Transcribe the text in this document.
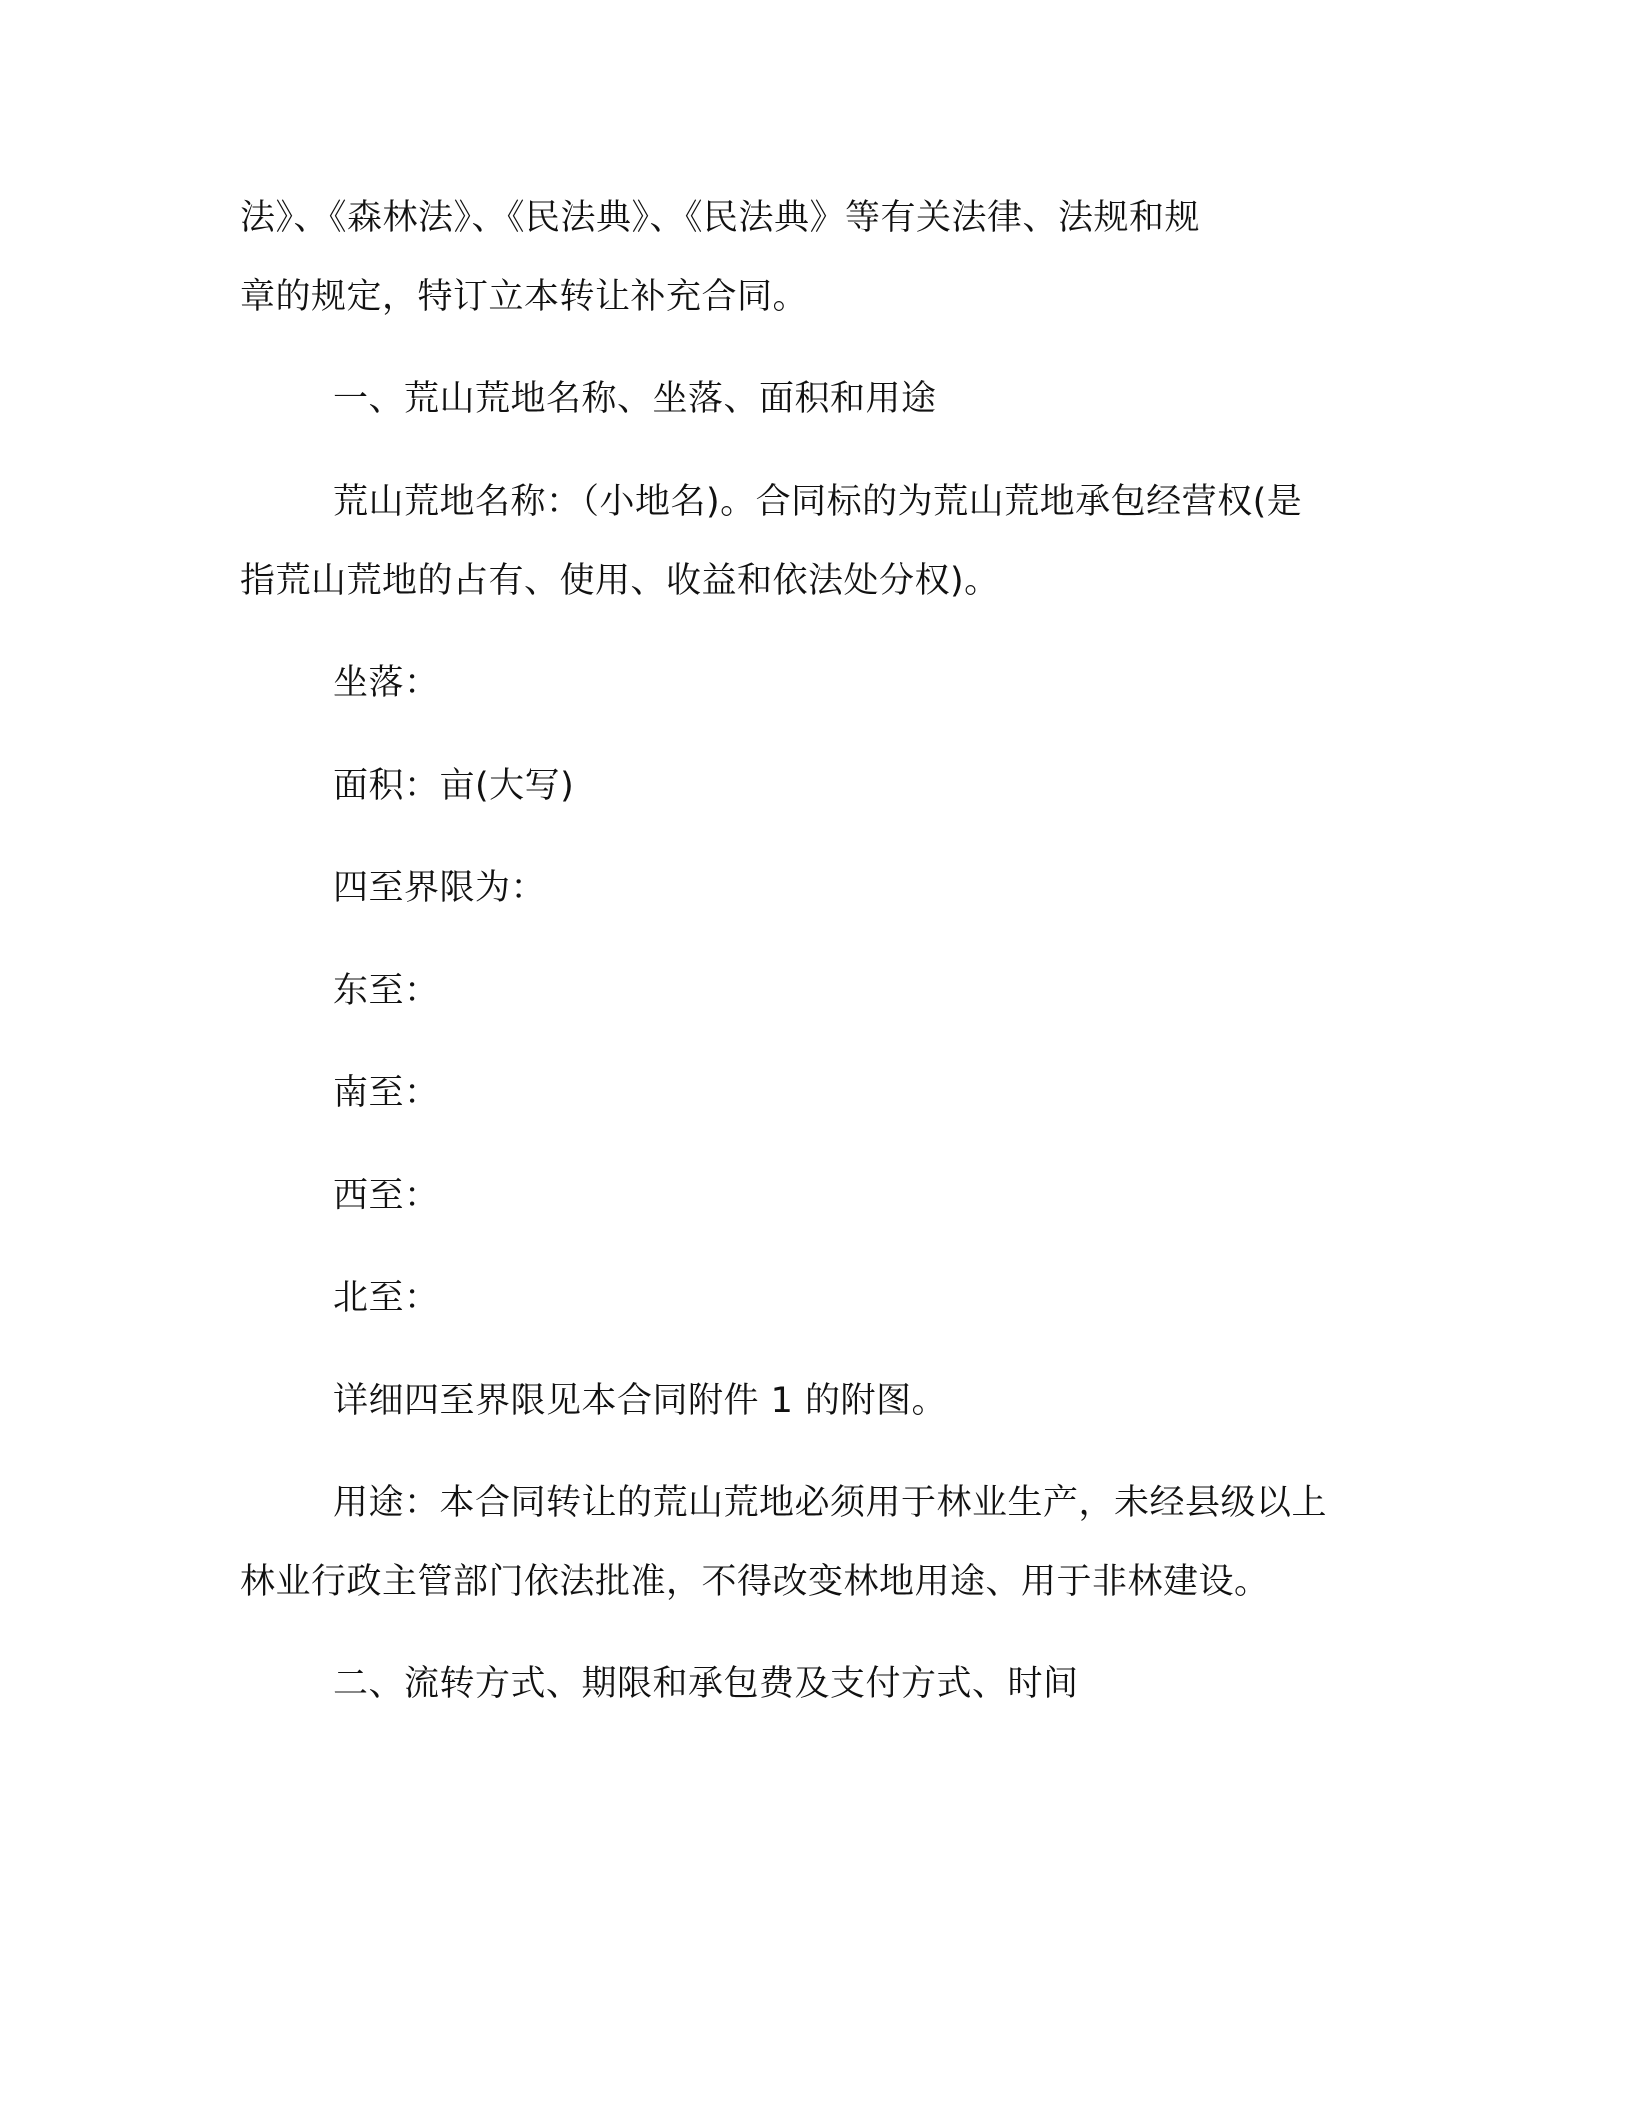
法》、《森林法》、《民法典》、《民法典》等有关法律、法规和规
章的规定，特订立本转让补充合同。
一、荒山荒地名称、坐落、面积和用途
荒山荒地名称：（小地名)。合同标的为荒山荒地承包经营权(是
指荒山荒地的占有、使用、收益和依法处分权)。
坐落：
面积：亩(大写)
四至界限为：
东至：
南至：
西至：
北至：
详细四至界限见本合同附件 1 的附图。
用途：本合同转让的荒山荒地必须用于林业生产，未经县级以上
林业行政主管部门依法批准，不得改变林地用途、用于非林建设。
二、流转方式、期限和承包费及支付方式、时间
